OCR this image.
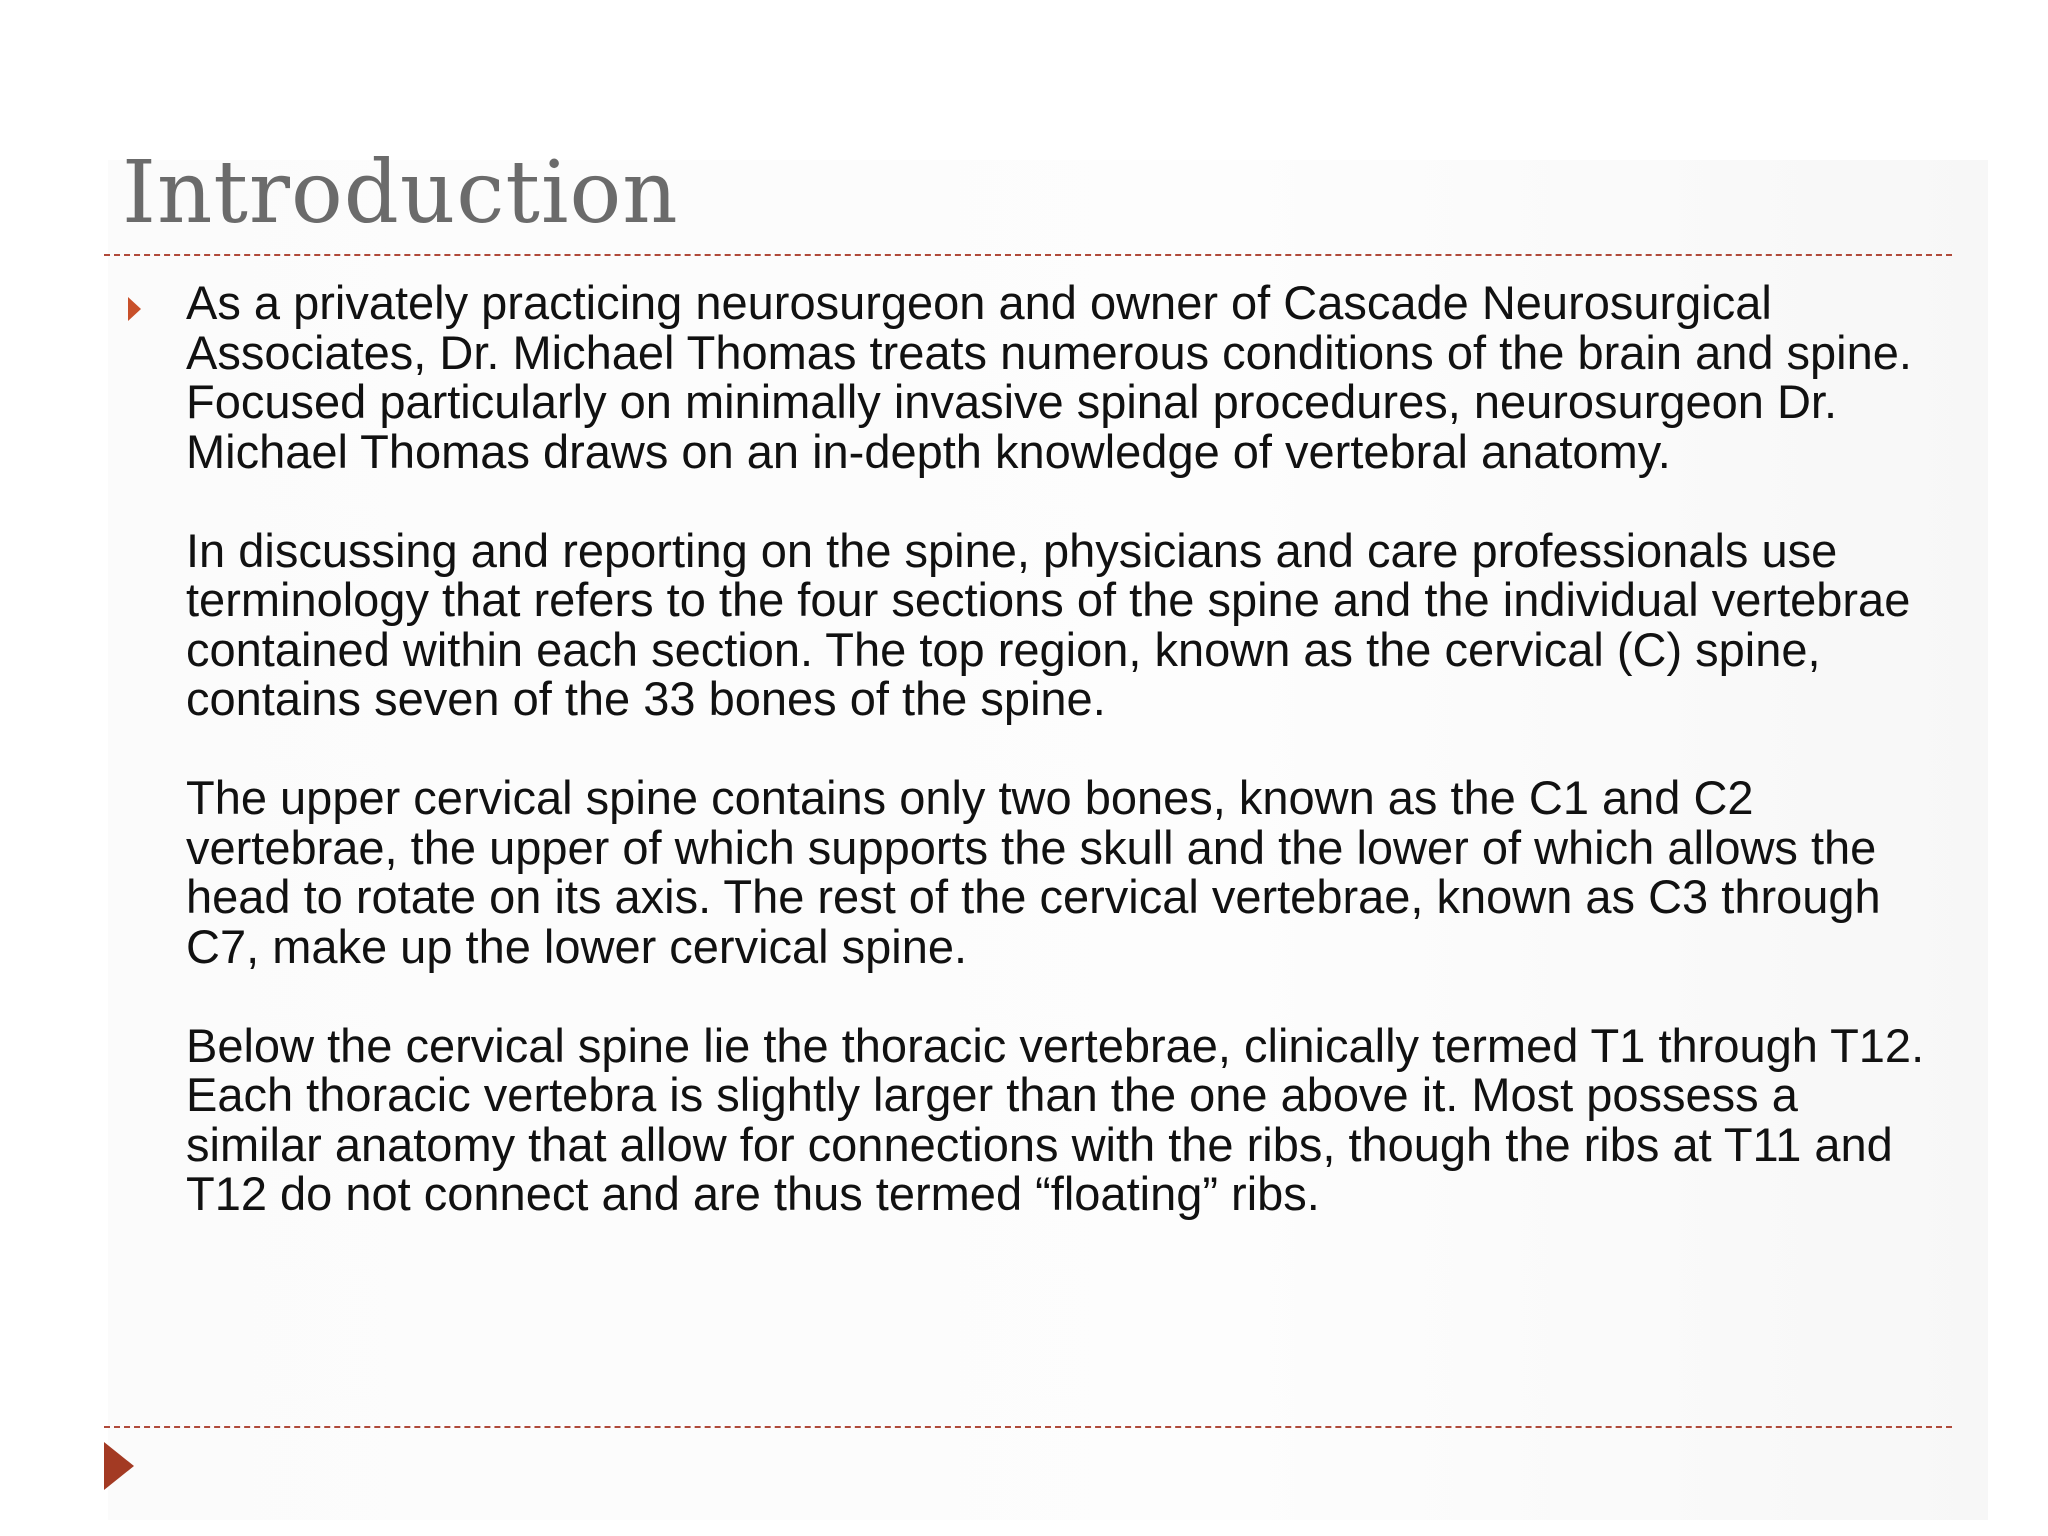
Introduction

As a privately practicing neurosurgeon and owner of Cascade Neurosurgical Associates, Dr. Michael Thomas treats numerous conditions of the brain and spine. Focused particularly on minimally invasive spinal procedures, neurosurgeon Dr. Michael Thomas draws on an in-depth knowledge of vertebral anatomy.

In discussing and reporting on the spine, physicians and care professionals use terminology that refers to the four sections of the spine and the individual vertebrae contained within each section. The top region, known as the cervical (C) spine, contains seven of the 33 bones of the spine.

The upper cervical spine contains only two bones, known as the C1 and C2 vertebrae, the upper of which supports the skull and the lower of which allows the head to rotate on its axis. The rest of the cervical vertebrae, known as C3 through C7, make up the lower cervical spine.

Below the cervical spine lie the thoracic vertebrae, clinically termed T1 through T12. Each thoracic vertebra is slightly larger than the one above it. Most possess a similar anatomy that allow for connections with the ribs, though the ribs at T11 and T12 do not connect and are thus termed “floating” ribs.
